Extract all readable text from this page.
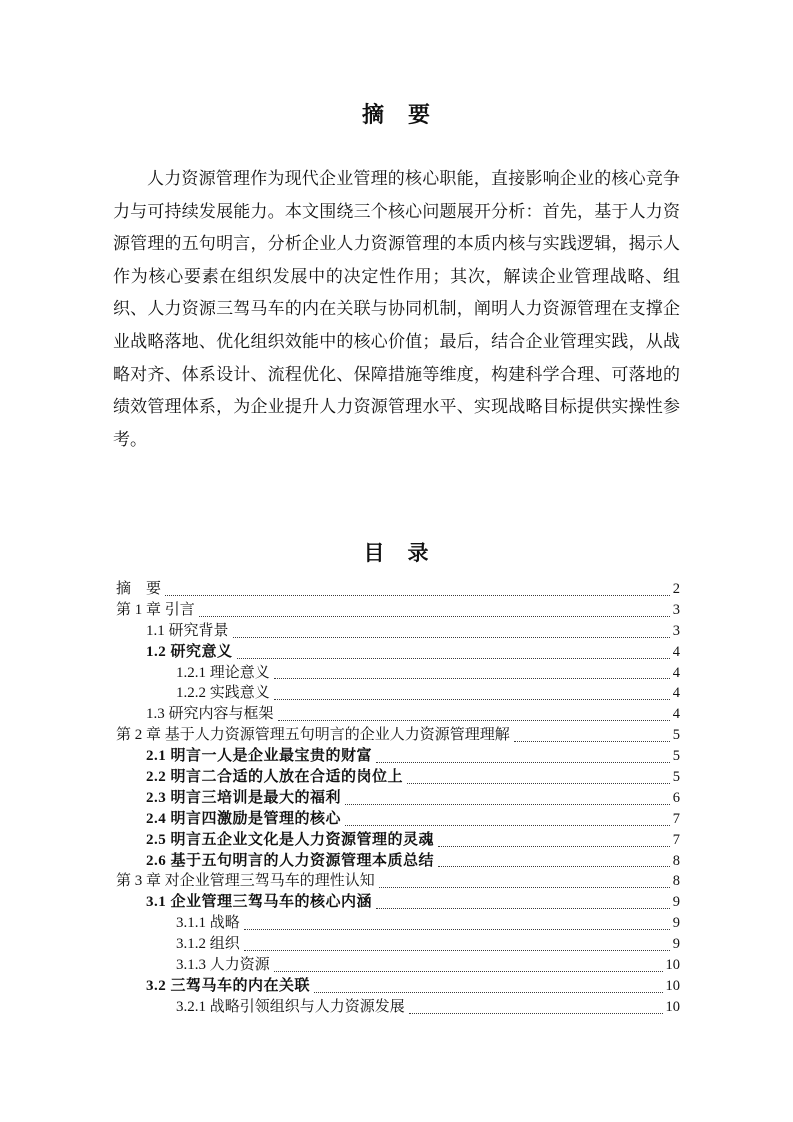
摘　要

人力资源管理作为现代企业管理的核心职能，直接影响企业的核心竞争力与可持续发展能力。本文围绕三个核心问题展开分析：首先，基于人力资源管理的五句明言，分析企业人力资源管理的本质内核与实践逻辑，揭示人作为核心要素在组织发展中的决定性作用；其次，解读企业管理战略、组织、人力资源三驾马车的内在关联与协同机制，阐明人力资源管理在支撑企业战略落地、优化组织效能中的核心价值；最后，结合企业管理实践，从战略对齐、体系设计、流程优化、保障措施等维度，构建科学合理、可落地的绩效管理体系，为企业提升人力资源管理水平、实现战略目标提供实操性参考。

目　录
摘　要	2
第 1 章 引言	3
1.1 研究背景	3
1.2 研究意义	4
1.2.1 理论意义	4
1.2.2 实践意义	4
1.3 研究内容与框架	4
第 2 章 基于人力资源管理五句明言的企业人力资源管理理解	5
2.1 明言一人是企业最宝贵的财富	5
2.2 明言二合适的人放在合适的岗位上	5
2.3 明言三培训是最大的福利	6
2.4 明言四激励是管理的核心	7
2.5 明言五企业文化是人力资源管理的灵魂	7
2.6 基于五句明言的人力资源管理本质总结	8
第 3 章 对企业管理三驾马车的理性认知	8
3.1 企业管理三驾马车的核心内涵	9
3.1.1 战略	9
3.1.2 组织	9
3.1.3 人力资源	10
3.2 三驾马车的内在关联	10
3.2.1 战略引领组织与人力资源发展	10
